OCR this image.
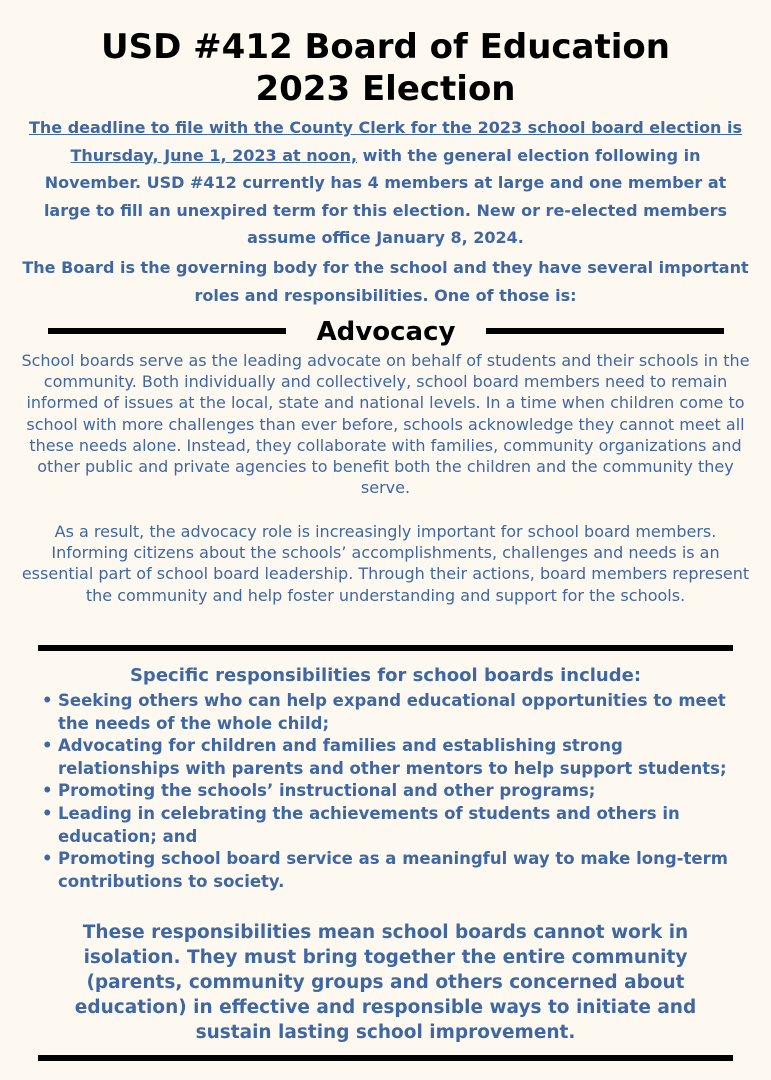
USD #412 Board of Education
2023 Election

The deadline to file with the County Clerk for the 2023 school board election is Thursday, June 1, 2023 at noon, with the general election following in November. USD #412 currently has 4 members at large and one member at large to fill an unexpired term for this election. New or re-elected members assume office January 8, 2024.

The Board is the governing body for the school and they have several important roles and responsibilities. One of those is:

Advocacy

School boards serve as the leading advocate on behalf of students and their schools in the community. Both individually and collectively, school board members need to remain informed of issues at the local, state and national levels. In a time when children come to school with more challenges than ever before, schools acknowledge they cannot meet all these needs alone. Instead, they collaborate with families, community organizations and other public and private agencies to benefit both the children and the community they serve.

As a result, the advocacy role is increasingly important for school board members. Informing citizens about the schools’ accomplishments, challenges and needs is an essential part of school board leadership. Through their actions, board members represent the community and help foster understanding and support for the schools.

Specific responsibilities for school boards include:
• Seeking others who can help expand educational opportunities to meet the needs of the whole child;
• Advocating for children and families and establishing strong relationships with parents and other mentors to help support students;
• Promoting the schools’ instructional and other programs;
• Leading in celebrating the achievements of students and others in education; and
• Promoting school board service as a meaningful way to make long-term contributions to society.

These responsibilities mean school boards cannot work in isolation. They must bring together the entire community (parents, community groups and others concerned about education) in effective and responsible ways to initiate and sustain lasting school improvement.
